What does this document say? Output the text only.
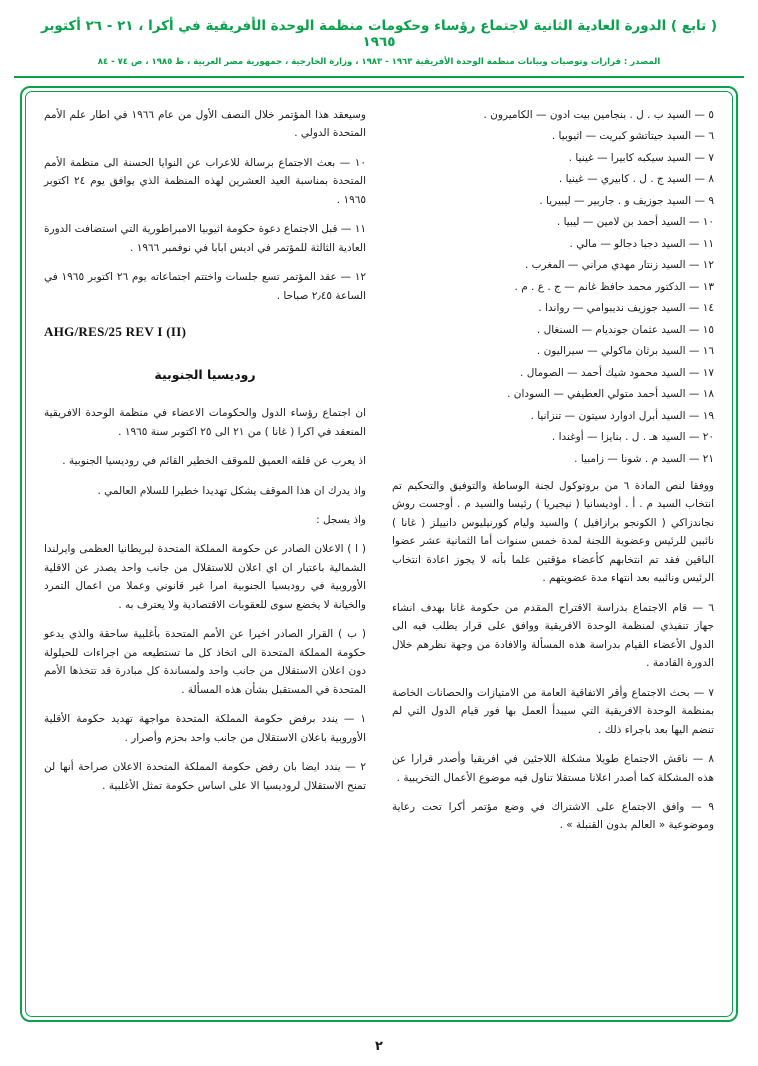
( تابع ) الدورة العادية الثانية لاجتماع رؤساء وحكومات منظمة الوحدة الأفريقية في أكرا ، ٢١ - ٢٦ أكتوبر ١٩٦٥
المصدر : قرارات وتوصيات وبيانات منظمة الوحدة الأفريقية ١٩٦٣ - ١٩٨٣ ، وزارة الخارجية ، جمهورية مصر العربية ، ط ١٩٨٥ ، ص ٧٤ - ٨٤
٥ — السيد ب . ل . بنجامين بيت ادون — الكاميرون .
٦ — السيد جيتاتشو كبريت — اثيوبيا .
٧ — السيد سيكبه كابيرا — غينيا .
٨ — السيد ج . ل . كابيري — غينيا .
٩ — السيد جوزيف و . جاربير — ليبيريا .
١٠ — السيد أحمد بن لامين — ليبيا .
١١ — السيد دجبا دجالو — مالي .
١٢ — السيد زنتار مهدي مراني — المغرب .
١٣ — الدكتور محمد حافظ غانم — ج . ع . م .
١٤ — السيد جوزيف نديبوامي — رواندا .
١٥ — السيد عثمان جونديام — السنغال .
١٦ — السيد برثان ماكولي — سيراليون .
١٧ — السيد محمود شيك أحمد — الصومال .
١٨ — السيد أحمد متولي العطيفي — السودان .
١٩ — السيد أبرل ادوارد سيتون — تنزانيا .
٢٠ — السيد هـ . ل . بنايزا — أوغندا .
٢١ — السيد م . شونا — زامبيا .

ووفقا لنص المادة ٦ من بروتوكول لجنة الوساطة والتوفيق والتحكيم تم انتخاب السيد م . أ . أوديسانيا ( نيجيريا ) رئيسا والسيد م . أوجست روش نجاندزاكي ( الكونجو برازافيل ) والسيد وليام كورنيليوس دانييلز ( غانا ) نائبين للرئيس وعضوية اللجنة لمدة خمس سنوات أما الثمانية عشر عضوا الباقين فقد تم انتخابهم كأعضاء مؤقتين علما بأنه لا يجوز اعادة انتخاب الرئيس ونائبيه بعد انتهاء مدة عضويتهم .

٦ — قام الاجتماع بدراسة الاقتراح المقدم من حكومة غانا بهدف انشاء جهاز تنفيذي لمنظمة الوحدة الافريقية ووافق على قرار يطلب فيه الى الدول الأعضاء القيام بدراسة هذه المسألة والافادة من وجهة نظرهم خلال الدورة القادمة .

٧ — بحث الاجتماع وأقر الاتفاقية العامة من الامتيازات والحصانات الخاصة بمنظمة الوحدة الافريقية التي سيبدأ العمل بها فور قيام الدول التي لم تنضم اليها بعد باجراء ذلك .

٨ — ناقش الاجتماع طويلا مشكلة اللاجئين في افريقيا وأصدر قرارا عن هذه المشكلة كما أصدر اعلانا مستقلا تناول فيه موضوع الأعمال التخريبية .

٩ — وافق الاجتماع على الاشتراك في وضع مؤتمر أكرا تحت رعاية وموضوعية « العالم بدون القنبلة » .

وسيعقد هذا المؤتمر خلال النصف الأول من عام ١٩٦٦ في اطار علم الأمم المتحدة الدولي .

١٠ — بعث الاجتماع برسالة للاعراب عن النوايا الحسنة الى منظمة الأمم المتحدة بمناسبة العيد العشرين لهذه المنظمة الذي يوافق يوم ٢٤ اكتوبر ١٩٦٥ .

١١ — قبل الاجتماع دعوة حكومة اثيوبيا الامبراطورية التي استضافت الدورة العادية الثالثة للمؤتمر في اديس ابابا في نوفمبر ١٩٦٦ .

١٢ — عقد المؤتمر تسع جلسات واختتم اجتماعاته يوم ٢٦ اكتوبر ١٩٦٥ في الساعة ٢٫٤٥ صباحا .

AHG/RES/25 REV I (II)
روديسيا الجنوبية

ان اجتماع رؤساء الدول والحكومات الاعضاء في منظمة الوحدة الافريقية المنعقد في اكرا ( غانا ) من ٢١ الى ٢٥ اكتوبر سنة ١٩٦٥ .

اذ يعرب عن قلقه العميق للموقف الخطير القائم في روديسيا الجنوبية .

واذ يدرك ان هذا الموقف يشكل تهديدا خطيرا للسلام العالمي .

واذ يسجل :

( ا ) الاعلان الصادر عن حكومة المملكة المتحدة لبريطانيا العظمى وايرلندا الشمالية باعتبار ان اي اعلان للاستقلال من جانب واحد يصدر عن الاقلية الأوروبية في روديسيا الجنوبية امرا غير قانوني وعملا من اعمال التمرد والخيانة لا يخضع سوى للعقوبات الاقتصادية ولا يعترف به .

( ب ) القرار الصادر اخيرا عن الأمم المتحدة بأغلبية ساحقة والذي يدعو حكومة المملكة المتحدة الى اتخاذ كل ما تستطيعه من اجراءات للحيلولة دون اعلان الاستقلال من جانب واحد ولمساندة كل مبادرة قد تتخذها الأمم المتحدة في المستقبل بشأن هذه المسألة .

١ — يندد برفض حكومة المملكة المتحدة مواجهة تهديد حكومة الأقلية الأوروبية باعلان الاستقلال من جانب واحد بحزم وأصرار .

٢ — يندد ايضا بان رفض حكومة المملكة المتحدة الاعلان صراحة أنها لن تمنح الاستقلال لروديسيا الا على اساس حكومة تمثل الأغلبية .

٢
